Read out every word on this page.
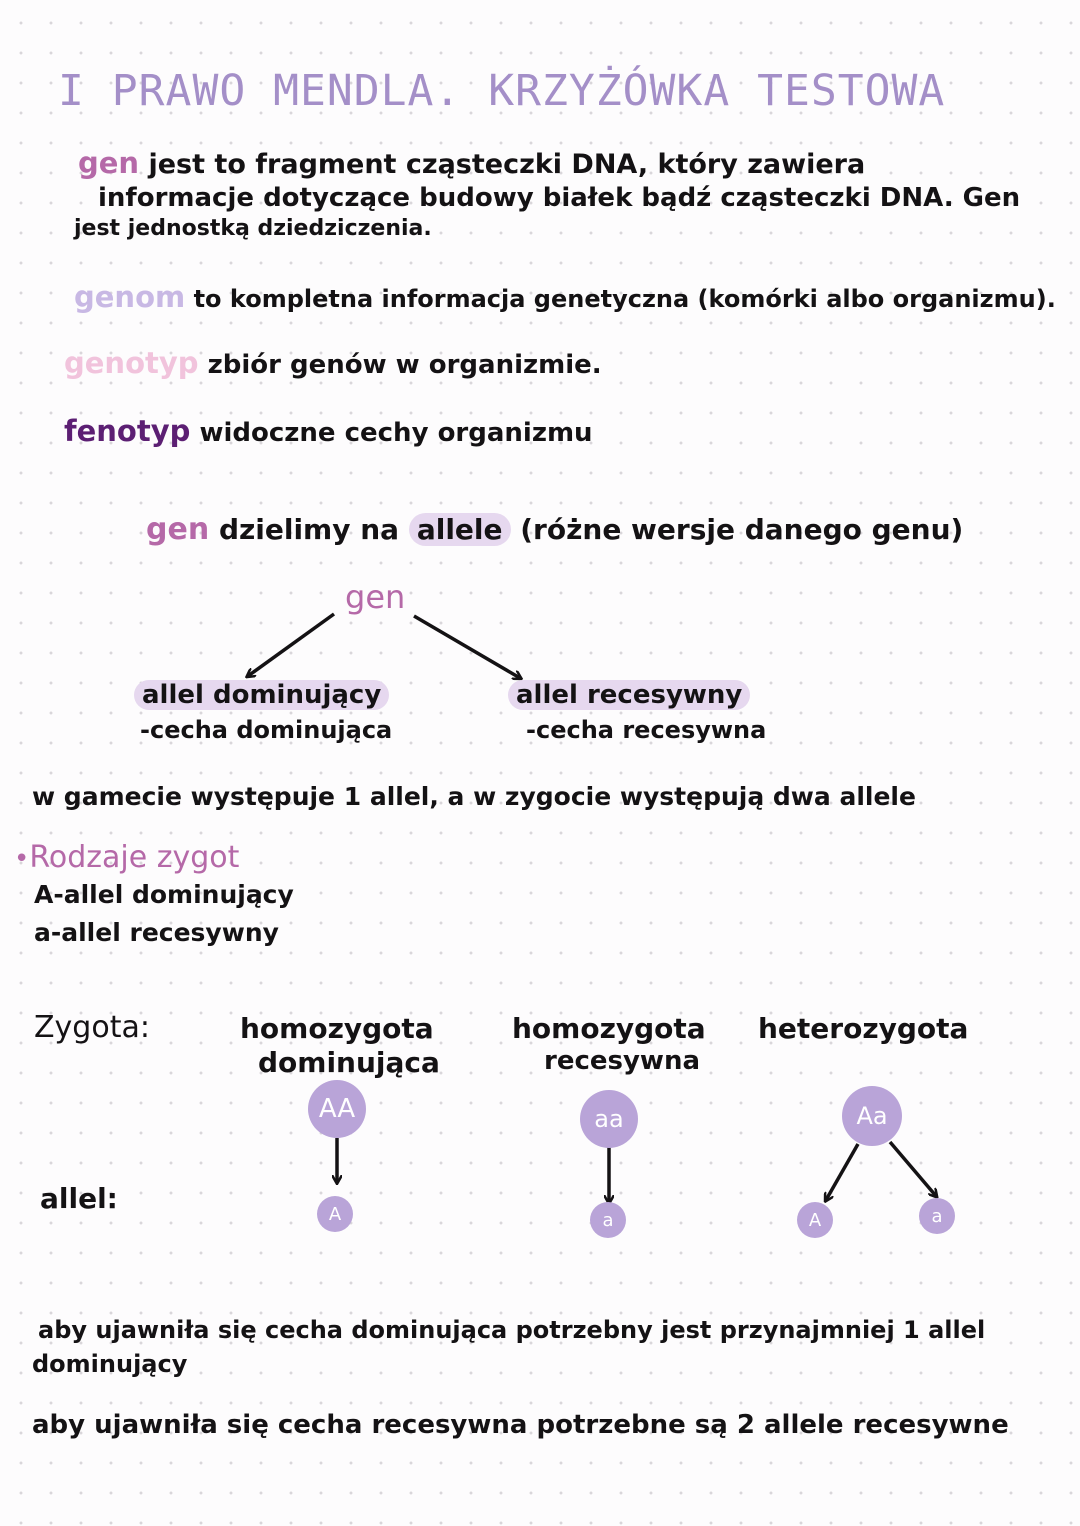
I PRAWO MENDLA. KRZYŻÓWKA TESTOWA
gen jest to fragment cząsteczki DNA, który zawiera
informacje dotyczące budowy białek bądź cząsteczki DNA. Gen
jest jednostką dziedziczenia.
genom to kompletna informacja genetyczna (komórki albo organizmu).
genotyp zbiór genów w organizmie.
fenotyp widoczne cechy organizmu
gen dzielimy na allele (różne wersje danego genu)
gen
allel dominujący
-cecha dominująca
allel recesywny
-cecha recesywna
w gamecie występuje 1 allel, a w zygocie występują dwa allele
•Rodzaje zygot
A-allel dominujący
a-allel recesywny
Zygota:
allel:
homozygota
dominująca
AA
A
homozygota
recesywna
aa
a
heterozygota
Aa
A	a
aby ujawniła się cecha dominująca potrzebny jest przynajmniej 1 allel
dominujący
aby ujawniła się cecha recesywna potrzebne są 2 allele recesywne
